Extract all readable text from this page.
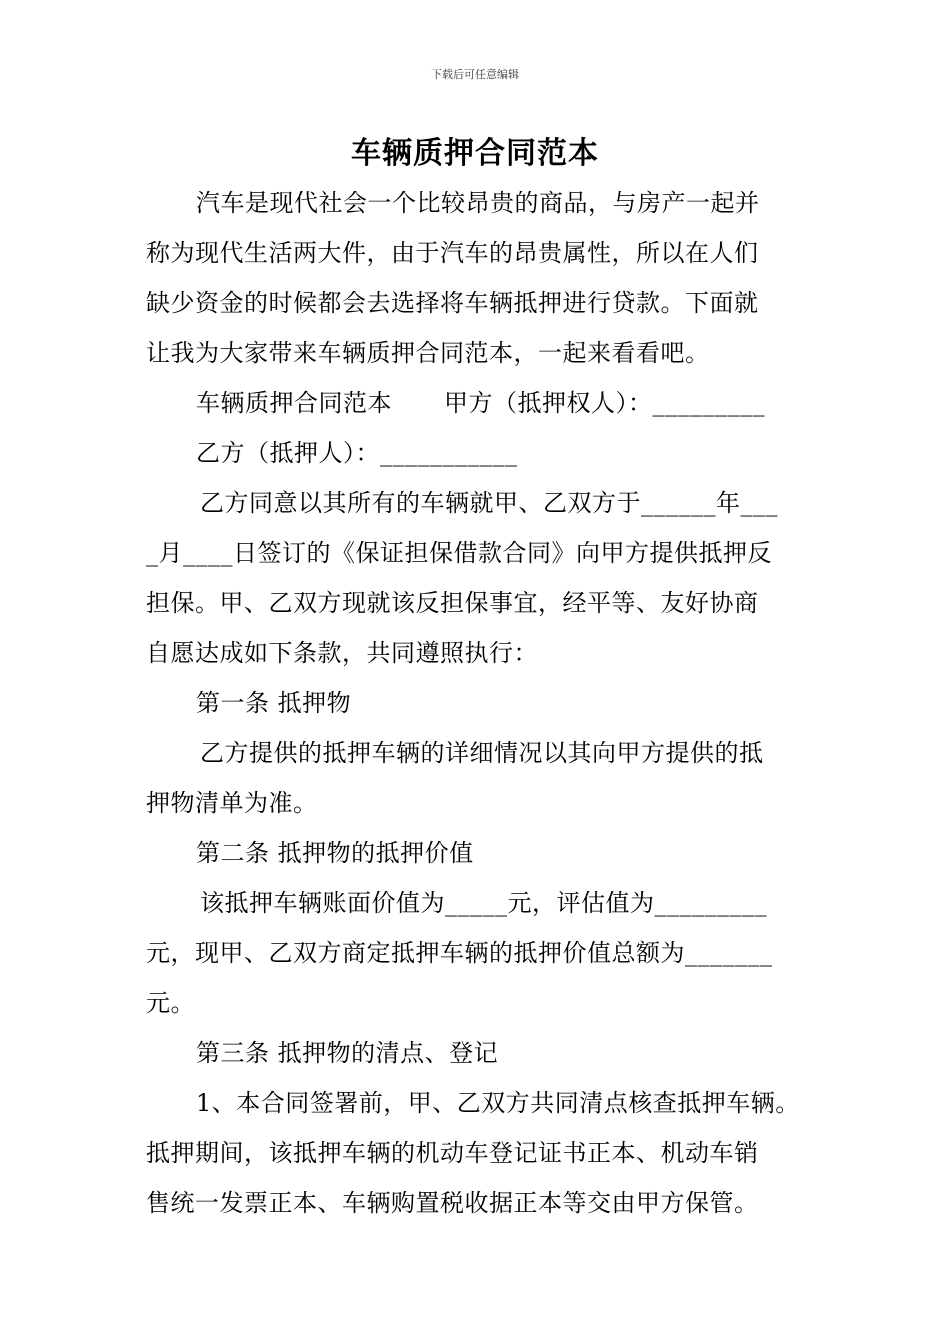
下载后可任意编辑
车辆质押合同范本

汽车是现代社会一个比较昂贵的商品，与房产一起并

称为现代生活两大件，由于汽车的昂贵属性，所以在人们

缺少资金的时候都会去选择将车辆抵押进行贷款。下面就

让我为大家带来车辆质押合同范本，一起来看看吧。

车辆质押合同范本 甲方（抵押权人）：_________

乙方（抵押人）：___________

乙方同意以其所有的车辆就甲、乙双方于______年___

_月____日签订的《保证担保借款合同》向甲方提供抵押反

担保。甲、乙双方现就该反担保事宜，经平等、友好协商

自愿达成如下条款，共同遵照执行：

第一条 抵押物

乙方提供的抵押车辆的详细情况以其向甲方提供的抵

押物清单为准。

第二条 抵押物的抵押价值

该抵押车辆账面价值为_____元，评估值为_________

元，现甲、乙双方商定抵押车辆的抵押价值总额为_______

元。

第三条 抵押物的清点、登记

1、本合同签署前，甲、乙双方共同清点核查抵押车辆。

抵押期间，该抵押车辆的机动车登记证书正本、机动车销

售统一发票正本、车辆购置税收据正本等交由甲方保管。
